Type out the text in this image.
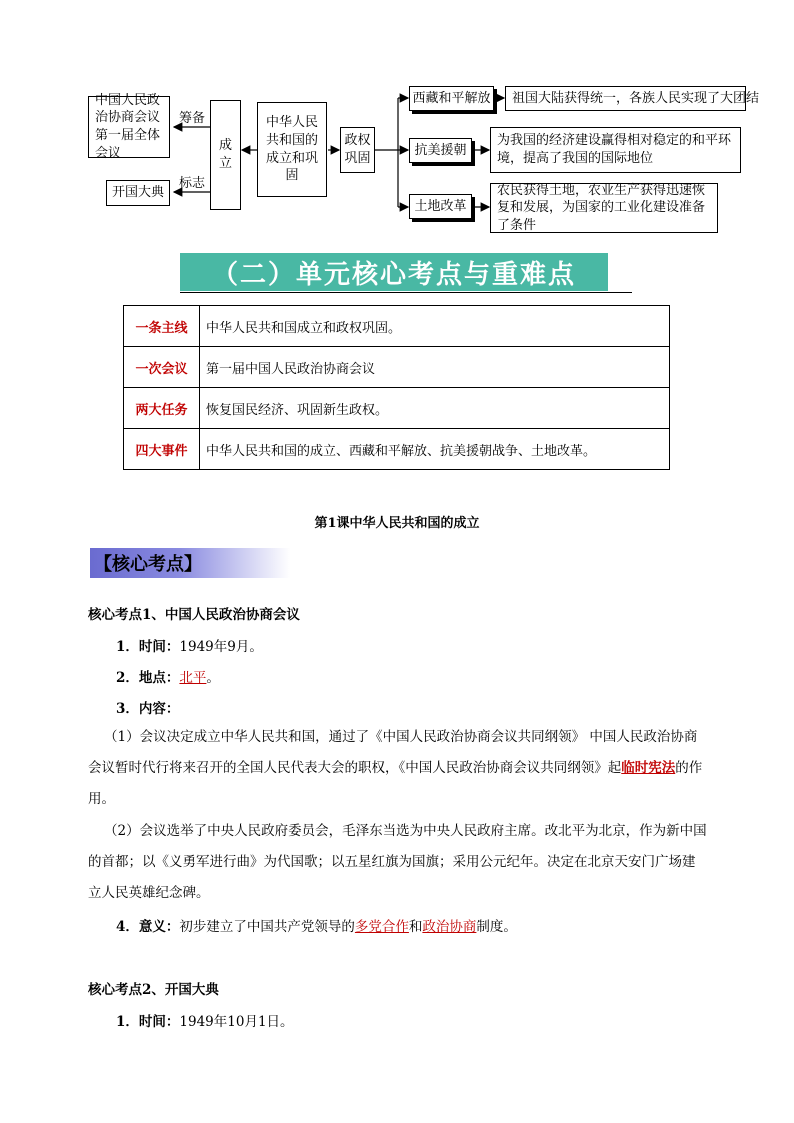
中国人民政治协商会议第一届全体会议
筹备
开国大典
标志
成立
中华人民共和国的成立和巩固
政权巩固
西藏和平解放
抗美援朝
土地改革
祖国大陆获得统一，各族人民实现了大团结
为我国的经济建设赢得相对稳定的和平环境，提高了我国的国际地位
农民获得土地，农业生产获得迅速恢复和发展，为国家的工业化建设准备了条件
（二）单元核心考点与重难点
一条主线	中华人民共和国成立和政权巩固。
一次会议	第一届中国人民政治协商会议
两大任务	恢复国民经济、巩固新生政权。
四大事件	中华人民共和国的成立、西藏和平解放、抗美援朝战争、土地改革。
第1课中华人民共和国的成立
【核心考点】
核心考点1、中国人民政治协商会议
1．时间：1949年9月。
2．地点：北平。
3．内容：
（1）会议决定成立中华人民共和国，通过了《中国人民政治协商会议共同纲领》 中国人民政治协商会议暂时代行将来召开的全国人民代表大会的职权，《中国人民政治协商会议共同纲领》起临时宪法的作用。
（2）会议选举了中央人民政府委员会，毛泽东当选为中央人民政府主席。改北平为北京，作为新中国的首都；以《义勇军进行曲》为代国歌；以五星红旗为国旗；采用公元纪年。决定在北京天安门广场建立人民英雄纪念碑。
4．意义：初步建立了中国共产党领导的多党合作和政治协商制度。
核心考点2、开国大典
1．时间：1949年10月1日。
